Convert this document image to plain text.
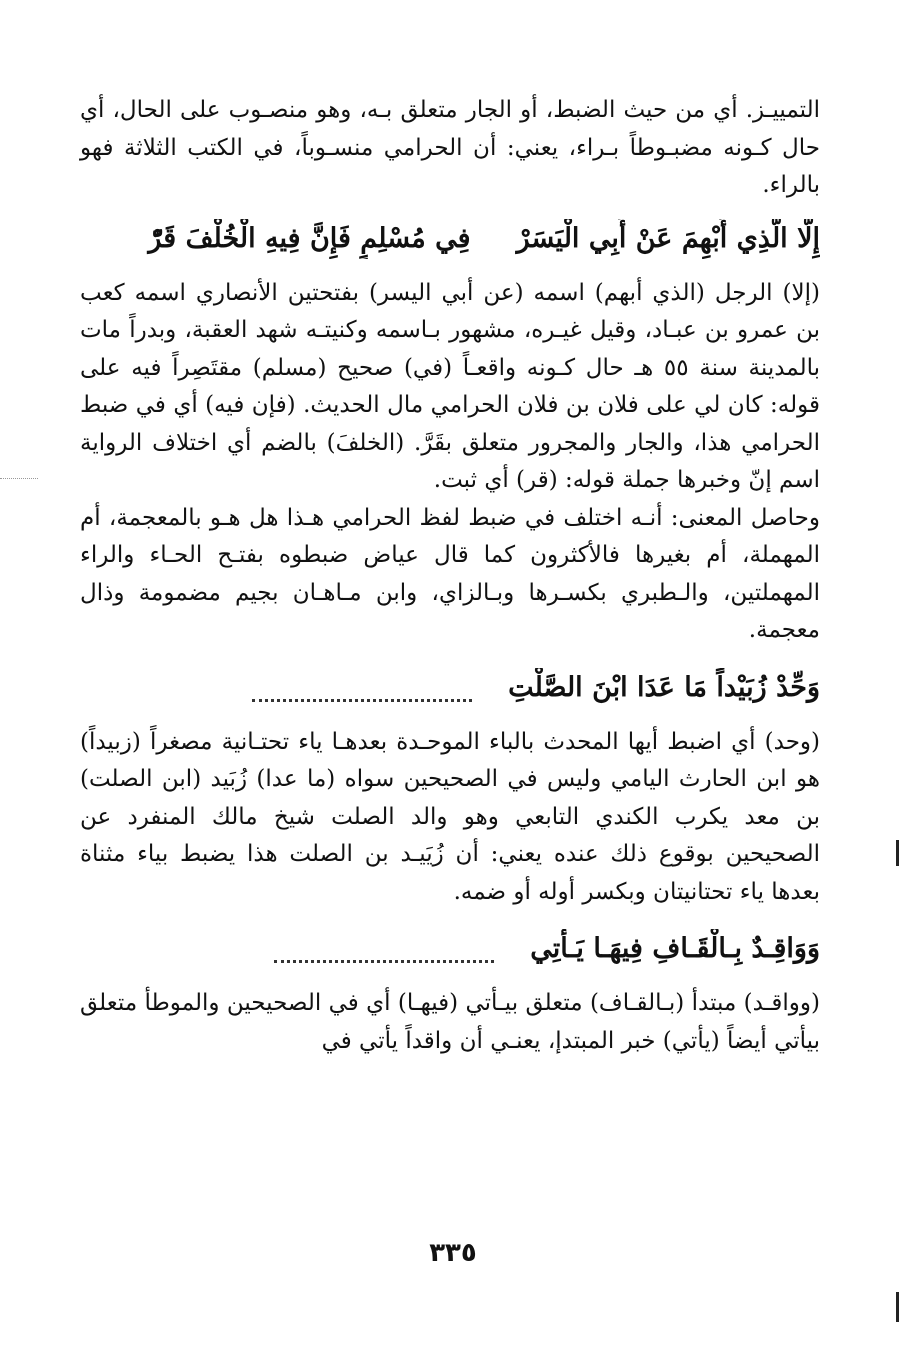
التمييـز. أي من حيث الضبط، أو الجار متعلق بـه، وهو منصـوب على الحال، أي حال كـونه مضبـوطاً بـراء، يعني: أن الحرامي منسـوباً، في الكتب الثلاثة فهو بالراء.

إِلَّا الَّذِي أُبْهِمَ عَنْ أَبِي الْيَسَرْ
فِي مُسْلِمٍ فَإِنَّ فِيهِ الْخُلْفَ قَرّْ

(إلا) الرجل (الذي أبهم) اسمه (عن أبي اليسر) بفتحتين الأنصاري اسمه كعب بن عمرو بن عبـاد، وقيل غيـره، مشهور بـاسمه وكنيتـه شهد العقبة، وبدراً مات بالمدينة سنة ٥٥ هـ حال كـونه واقعـاً (في) صحيح (مسلم) مقتَصِراً فيه على قوله: كان لي على فلان بن فلان الحرامي مال الحديث. (فإن فيه) أي في ضبط الحرامي هذا، والجار والمجرور متعلق بقَرَّ. (الخلفَ) بالضم أي اختلاف الرواية اسم إنّ وخبرها جملة قوله: (قر) أي ثبت.

وحاصل المعنى: أنـه اختلف في ضبط لفظ الحرامي هـذا هل هـو بالمعجمة، أم المهملة، أم بغيرها فالأكثرون كما قال عياض ضبطوه بفتـح الحـاء والراء المهملتين، والـطبري بكسـرها وبـالزاي، وابن مـاهـان بجيم مضمومة وذال معجمة.

وَحِّدْ زُبَيْداً مَا عَدَا ابْنَ الصَّلْتِ

(وحد) أي اضبط أيها المحدث بالباء الموحـدة بعدهـا ياء تحتـانية مصغراً (زبيداً) هو ابن الحارث اليامي وليس في الصحيحين سواه (ما عدا) زُبَيد (ابن الصلت) بن معد يكرب الكندي التابعي وهو والد الصلت شيخ مالك المنفرد عن الصحيحين بوقوع ذلك عنده يعني: أن زُيَيـد بن الصلت هذا يضبط بياء مثناة بعدها ياء تحتانيتان وبكسر أوله أو ضمه.

وَوَاقِـدٌ بِـالْقَـافِ فِيهَـا يَـأْتِي

(وواقـد) مبتدأ (بـالقـاف) متعلق بيـأتي (فيهـا) أي في الصحيحين والموطأ متعلق بيأتي أيضاً (يأتي) خبر المبتدإ، يعنـي أن واقداً يأتي في

٣٣٥
